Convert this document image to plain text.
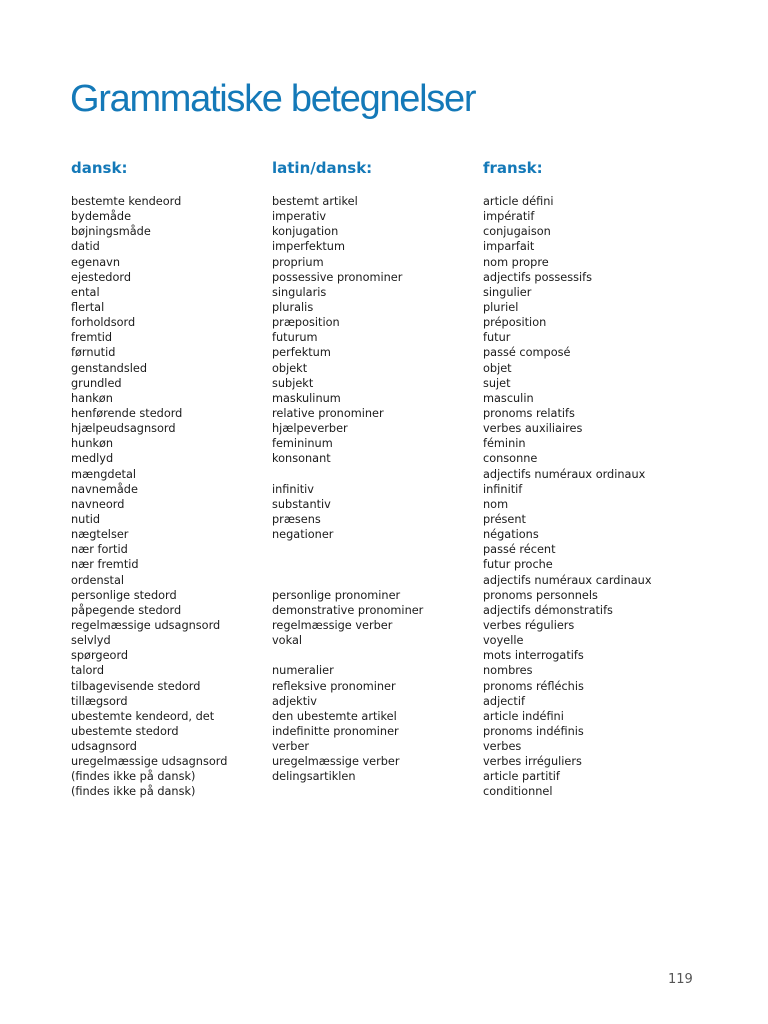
Grammatiske betegnelser
dansk:
bestemte kendeord
bydemåde
bøjningsmåde
datid
egenavn
ejestedord
ental
flertal
forholdsord
fremtid
førnutid
genstandsled
grundled
hankøn
henførende stedord
hjælpeudsagnsord
hunkøn
medlyd
mængdetal
navnemåde
navneord
nutid
nægtelser
nær fortid
nær fremtid
ordenstal
personlige stedord
påpegende stedord
regelmæssige udsagnsord
selvlyd
spørgeord
talord
tilbagevisende stedord
tillægsord
ubestemte kendeord, det
ubestemte stedord
udsagnsord
uregelmæssige udsagnsord
(findes ikke på dansk)
(findes ikke på dansk)
latin/dansk:
bestemt artikel
imperativ
konjugation
imperfektum
proprium
possessive pronominer
singularis
pluralis
præposition
futurum
perfektum
objekt
subjekt
maskulinum
relative pronominer
hjælpeverber
femininum
konsonant
infinitiv
substantiv
præsens
negationer
personlige pronominer
demonstrative pronominer
regelmæssige verber
vokal
numeralier
refleksive pronominer
adjektiv
den ubestemte artikel
indefinitte pronominer
verber
uregelmæssige verber
delingsartiklen
fransk:
article défini
impératif
conjugaison
imparfait
nom propre
adjectifs possessifs
singulier
pluriel
préposition
futur
passé composé
objet
sujet
masculin
pronoms relatifs
verbes auxiliaires
féminin
consonne
adjectifs numéraux ordinaux
infinitif
nom
présent
négations
passé récent
futur proche
adjectifs numéraux cardinaux
pronoms personnels
adjectifs démonstratifs
verbes réguliers
voyelle
mots interrogatifs
nombres
pronoms réfléchis
adjectif
article indéfini
pronoms indéfinis
verbes
verbes irréguliers
article partitif
conditionnel
119
